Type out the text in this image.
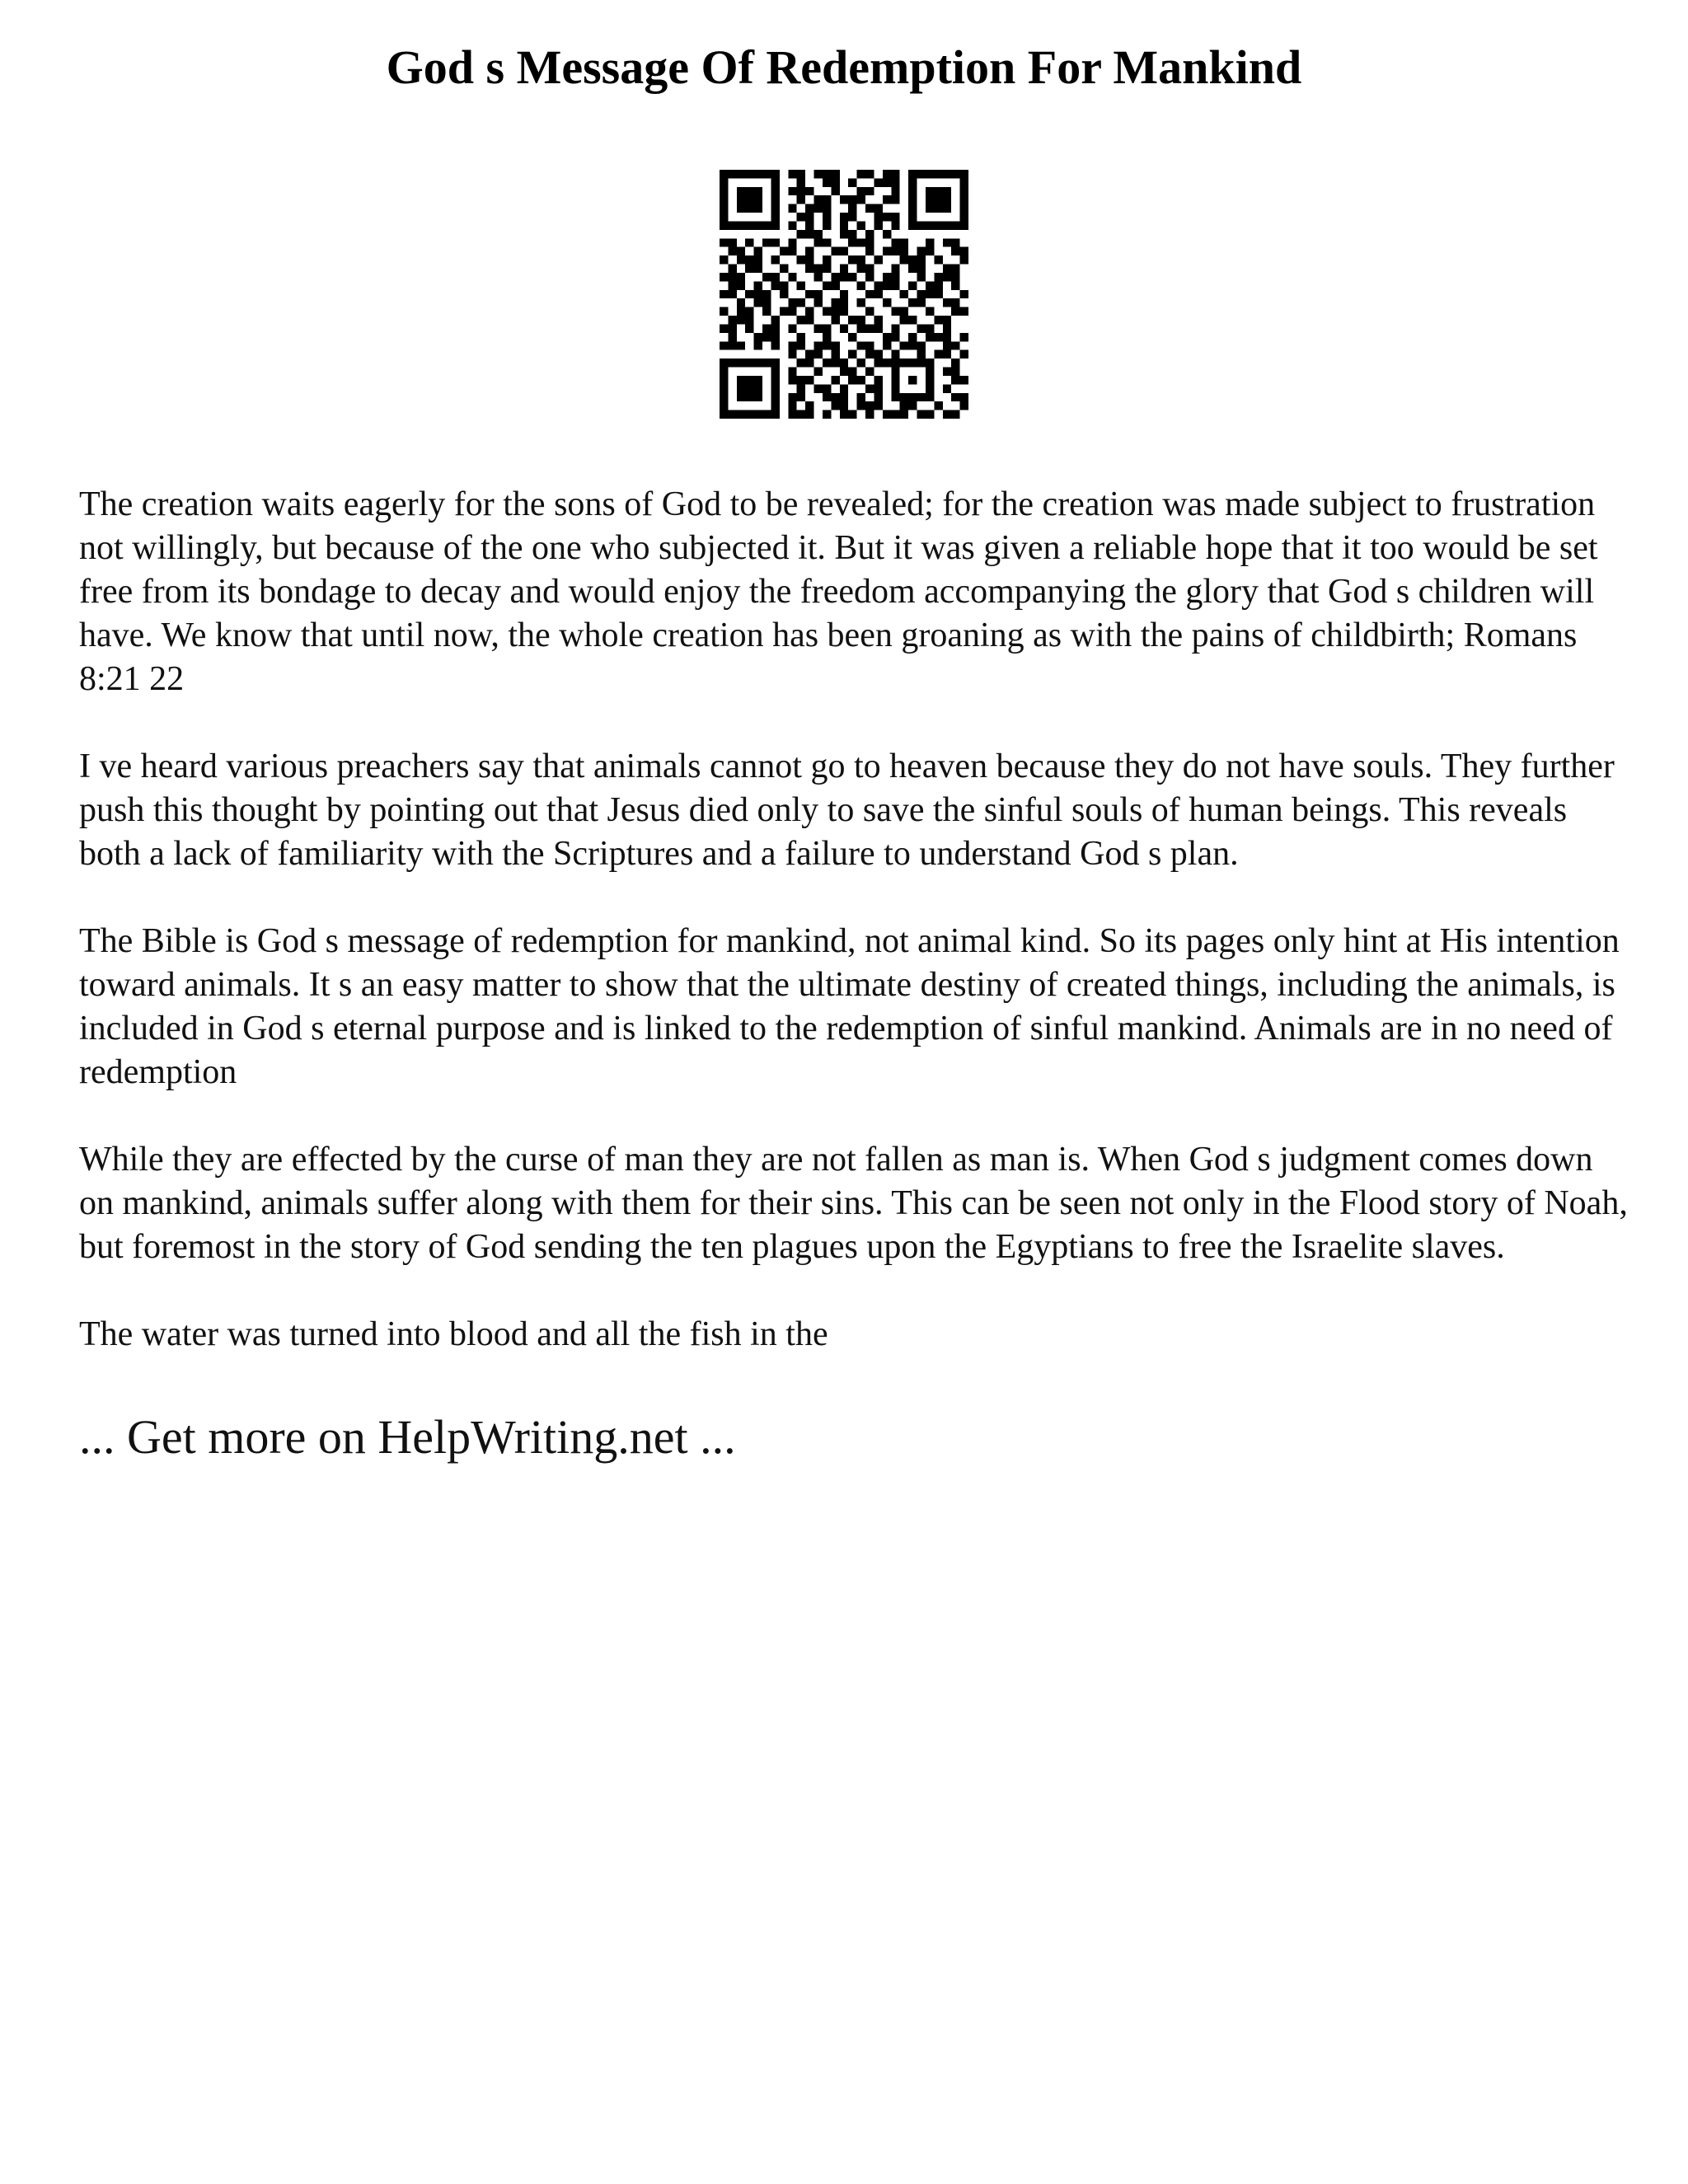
God s Message Of Redemption For Mankind

The creation waits eagerly for the sons of God to be revealed; for the creation was made subject to frustration not willingly, but because of the one who subjected it. But it was given a reliable hope that it too would be set free from its bondage to decay and would enjoy the freedom accompanying the glory that God s children will have. We know that until now, the whole creation has been groaning as with the pains of childbirth; Romans 8:21 22

I ve heard various preachers say that animals cannot go to heaven because they do not have souls. They further push this thought by pointing out that Jesus died only to save the sinful souls of human beings. This reveals both a lack of familiarity with the Scriptures and a failure to understand God s plan.

The Bible is God s message of redemption for mankind, not animal kind. So its pages only hint at His intention toward animals. It s an easy matter to show that the ultimate destiny of created things, including the animals, is included in God s eternal purpose and is linked to the redemption of sinful mankind. Animals are in no need of redemption

While they are effected by the curse of man they are not fallen as man is. When God s judgment comes down on mankind, animals suffer along with them for their sins. This can be seen not only in the Flood story of Noah, but foremost in the story of God sending the ten plagues upon the Egyptians to free the Israelite slaves.

The water was turned into blood and all the fish in the

... Get more on HelpWriting.net ...
